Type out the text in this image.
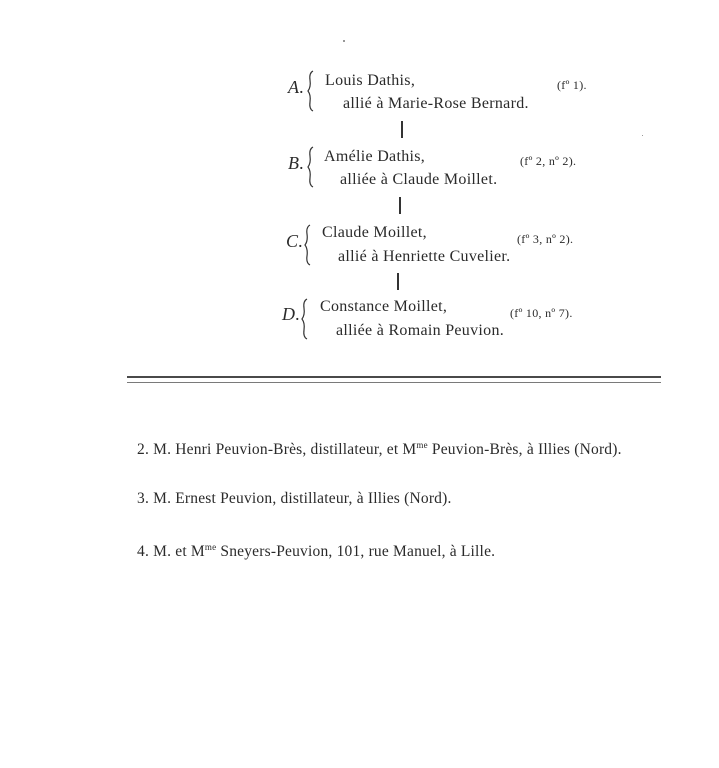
A. Louis Dathis,
allié à Marie-Rose Bernard.
(fº 1).
B. Amélie Dathis,
alliée à Claude Moillet.
(fº 2, nº 2).
C. Claude Moillet,
allié à Henriette Cuvelier.
(fº 3, nº 2).
D. Constance Moillet,
alliée à Romain Peuvion.
(fº 10, nº 7).
2. M. Henri Peuvion-Brès, distillateur, et $M^{me}$ Peuvion-Brès, à Illies (Nord).
3. M. Ernest Peuvion, distillateur, à Illies (Nord).
4. M. et $M^{me}$ Sneyers-Peuvion, 101, rue Manuel, à Lille.
